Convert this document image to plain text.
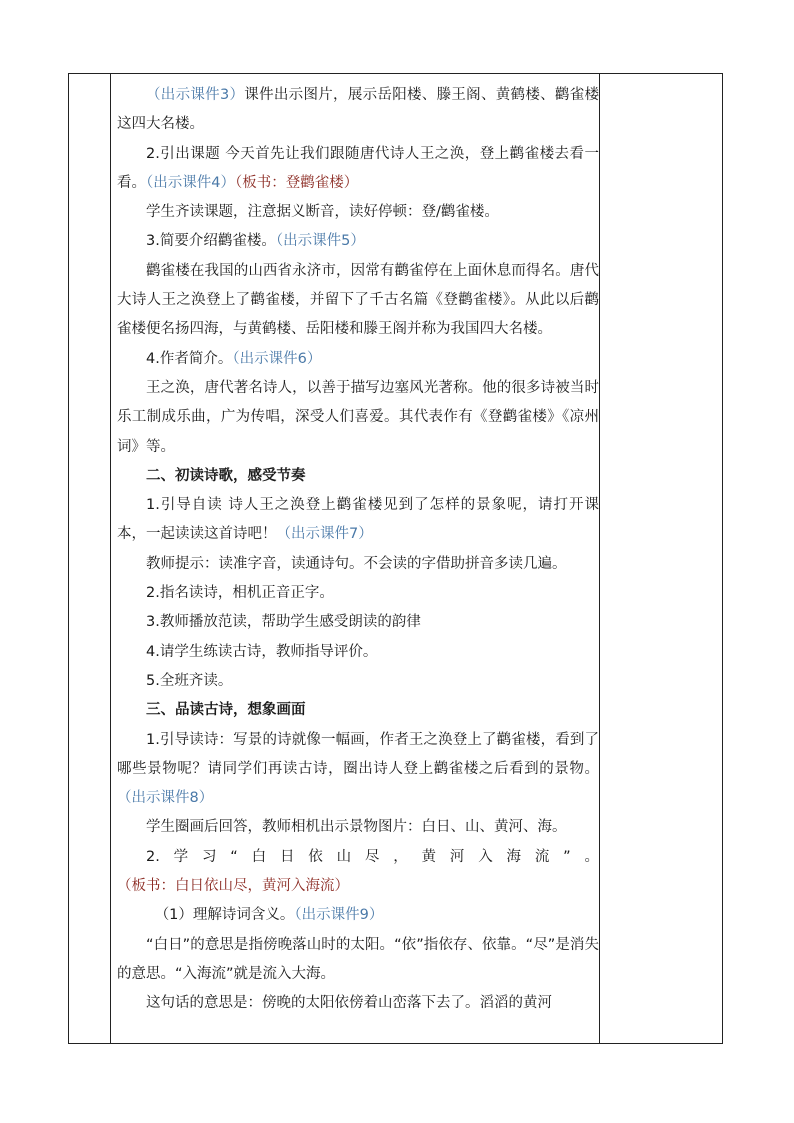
（出示课件3）课件出示图片，展示岳阳楼、滕王阁、黄鹤楼、鹳雀楼这四大名楼。

2.引出课题 今天首先让我们跟随唐代诗人王之涣，登上鹳雀楼去看一看。（出示课件4）（板书：登鹳雀楼）

学生齐读课题，注意据义断音，读好停顿：登/鹳雀楼。

3.简要介绍鹳雀楼。（出示课件5）

鹳雀楼在我国的山西省永济市，因常有鹳雀停在上面休息而得名。唐代大诗人王之涣登上了鹳雀楼，并留下了千古名篇《登鹳雀楼》。从此以后鹳雀楼便名扬四海，与黄鹤楼、岳阳楼和滕王阁并称为我国四大名楼。

4.作者简介。（出示课件6）

王之涣，唐代著名诗人，以善于描写边塞风光著称。他的很多诗被当时乐工制成乐曲，广为传唱，深受人们喜爱。其代表作有《登鹳雀楼》《凉州词》等。

二、初读诗歌，感受节奏

1.引导自读 诗人王之涣登上鹳雀楼见到了怎样的景象呢，请打开课本，一起读读这首诗吧！（出示课件7）

教师提示：读准字音，读通诗句。不会读的字借助拼音多读几遍。

2.指名读诗，相机正音正字。

3.教师播放范读，帮助学生感受朗读的韵律

4.请学生练读古诗，教师指导评价。

5.全班齐读。

三、品读古诗，想象画面

1.引导读诗：写景的诗就像一幅画，作者王之涣登上了鹳雀楼，看到了哪些景物呢？请同学们再读古诗，圈出诗人登上鹳雀楼之后看到的景物。（出示课件8）

学生圈画后回答，教师相机出示景物图片：白日、山、黄河、海。

2.学习“白日依山尽，黄河入海流”。（板书：白日依山尽，黄河入海流）

（1）理解诗词含义。（出示课件9）

“白日”的意思是指傍晚落山时的太阳。“依”指依存、依靠。“尽”是消失的意思。“入海流”就是流入大海。

这句话的意思是：傍晚的太阳依傍着山峦落下去了。滔滔的黄河
